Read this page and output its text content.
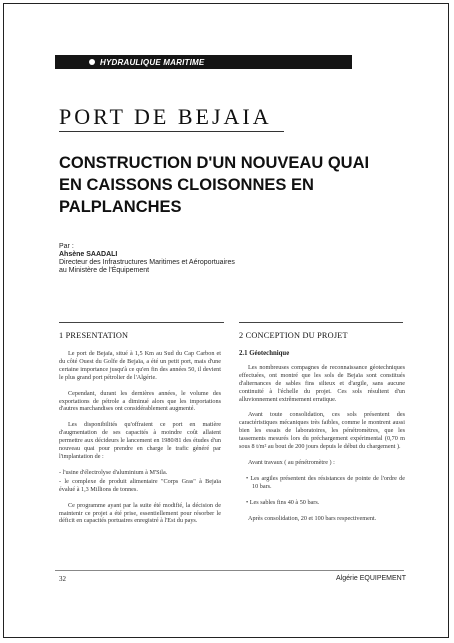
HYDRAULIQUE MARITIME
PORT DE BEJAIA
CONSTRUCTION D'UN NOUVEAU QUAI
EN CAISSONS CLOISONNES EN
PALPLANCHES
Par :
Ahsène SAADALI
Directeur des Infrastructures Maritimes et Aéroportuaires
au Ministère de l'Équipement
1 PRESENTATION

Le port de Bejaïa, situé à 1,5 Km au Sud du Cap Carbon et du côté Ouest du Golfe de Bejaïa, a été un petit port, mais d'une certaine importance jusqu'à ce qu'en fin des années 50, il devient le plus grand port pétrolier de l'Algérie.

Cependant, durant les dernières années, le volume des exportations de pétrole a diminué alors que les importations d'autres marchandises ont considérablement augmenté.

Les disponibilités qu'offraient ce port en matière d'augmentation de ses capacités à moindre coût allaient permettre aux décideurs le lancement en 1980/81 des études d'un nouveau quai pour prendre en charge le trafic généré par l'implantation de :

- l'usine d'électrolyse d'aluminium à M'Sila.

- le complexe de produit alimentaire "Corps Gras" à Bejaïa évalué à 1,3 Millions de tonnes.

Ce programme ayant par la suite été modifié, la décision de maintenir ce projet a été prise, essentiellement pour résorber le déficit en capacités portuaires enregistré à l'Est du pays.

2 CONCEPTION DU PROJET
2.1 Géotechnique

Les nombreuses compagnes de reconnaissance géotechniques effectuées, ont montré que les sols de Bejaïa sont constitués d'alternances de sables fins silteux et d'argile, sans aucune continuité à l'échelle du projet. Ces sols résultent d'un alluvionnement extrêmement erratique.

Avant toute consolidation, ces sols présentent des caractéristiques mécaniques très faibles, comme le montrent aussi bien les essais de laboratoires, les pénétromètres, que les tassements mesurés lors du préchargement expérimental (0,70 m sous 8 t/m² au bout de 200 jours depuis le début du chargement ).

Avant travaux ( au pénétromètre ) :

• Les argiles présentent des résistances de pointe de l'ordre de 10 bars.

• Les sables fins 40 à 50 bars.

Après consolidation, 20 et 100 bars respectivement.

32	Algérie EQUIPEMENT
